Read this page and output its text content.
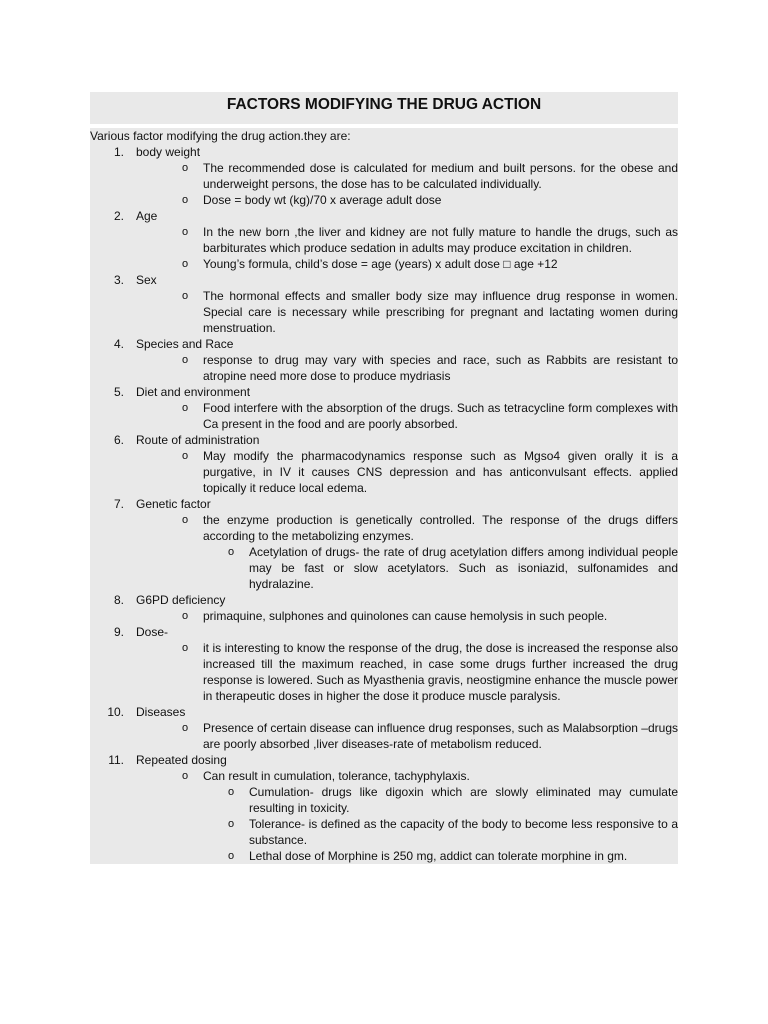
FACTORS MODIFYING THE DRUG ACTION
Various factor modifying the drug action.they are:
1. body weight
o The recommended dose is calculated for medium and built persons. for the obese and underweight persons, the dose has to be calculated individually.
o Dose = body wt (kg)/70 x average adult dose
2. Age
o In the new born ,the liver and kidney are not fully mature to handle the drugs, such as barbiturates which produce sedation in adults may produce excitation in children.
o Young’s formula, child’s dose = age (years) x adult dose □ age +12
3. Sex
o The hormonal effects and smaller body size may influence drug response in women. Special care is necessary while prescribing for pregnant and lactating women during menstruation.
4. Species and Race
o response to drug may vary with species and race, such as Rabbits are resistant to atropine need more dose to produce mydriasis
5. Diet and environment
o Food interfere with the absorption of the drugs. Such as tetracycline form complexes with Ca present in the food and are poorly absorbed.
6. Route of administration
o May modify the pharmacodynamics response such as Mgso4 given orally it is a purgative, in IV it causes CNS depression and has anticonvulsant effects. applied topically it reduce local edema.
7. Genetic factor
o the enzyme production is genetically controlled. The response of the drugs differs according to the metabolizing enzymes.
o Acetylation of drugs- the rate of drug acetylation differs among individual people may be fast or slow acetylators. Such as isoniazid, sulfonamides and hydralazine.
8. G6PD deficiency
o primaquine, sulphones and quinolones can cause hemolysis in such people.
9. Dose-
o it is interesting to know the response of the drug, the dose is increased the response also increased till the maximum reached, in case some drugs further increased the drug response is lowered. Such as Myasthenia gravis, neostigmine enhance the muscle power in therapeutic doses in higher the dose it produce muscle paralysis.
10. Diseases
o Presence of certain disease can influence drug responses, such as Malabsorption –drugs are poorly absorbed ,liver diseases-rate of metabolism reduced.
11. Repeated dosing
o Can result in cumulation, tolerance, tachyphylaxis.
o Cumulation- drugs like digoxin which are slowly eliminated may cumulate resulting in toxicity.
o Tolerance- is defined as the capacity of the body to become less responsive to a substance.
o Lethal dose of Morphine is 250 mg, addict can tolerate morphine in gm.
